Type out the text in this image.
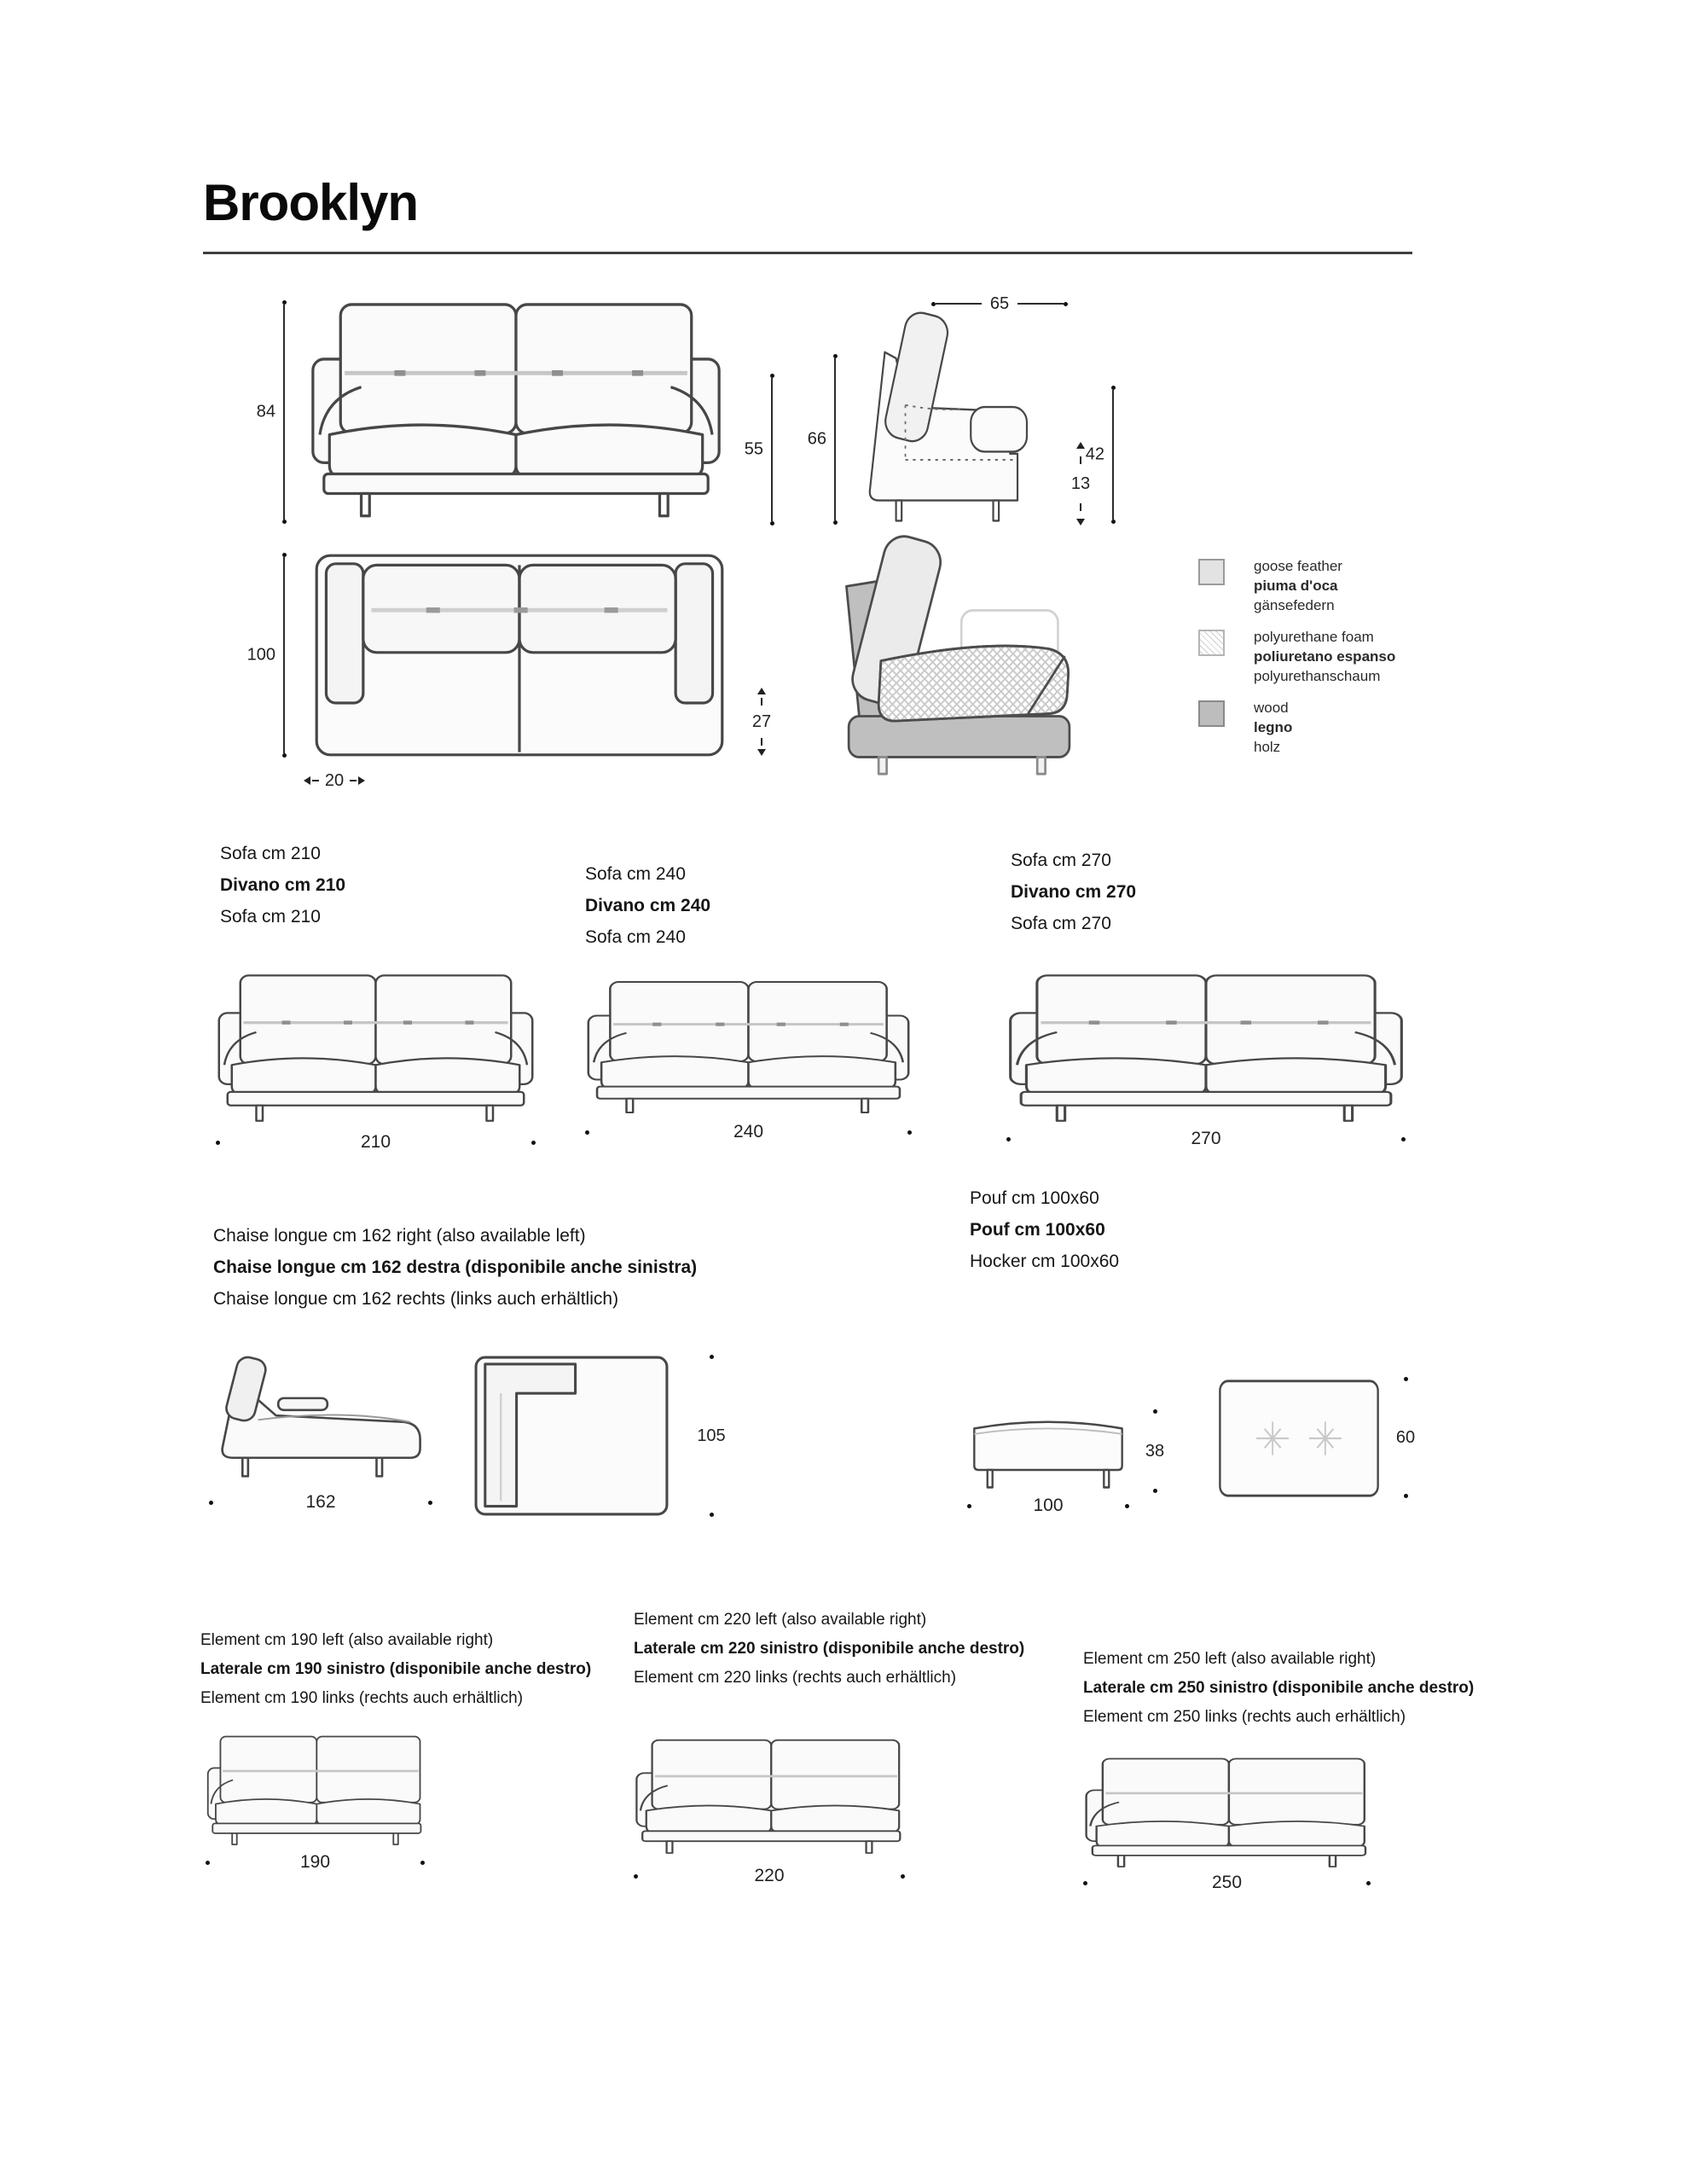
Brooklyn
84
55
65
66
42
13
100
27
20
goose feather
piuma d'oca
gänsefedern
polyurethane foam
poliuretano espanso
polyurethanschaum
wood
legno
holz
Sofa cm 210
Divano cm 210
Sofa cm 210
Sofa cm 240
Divano cm 240
Sofa cm 240
Sofa cm 270
Divano cm 270
Sofa cm 270
210
240	270
Chaise longue cm 162 right (also available left)
Chaise longue cm 162 destra (disponibile anche sinistra)
Chaise longue cm 162 rechts (links auch erhältlich)
162
105
Pouf cm 100x60
Pouf cm 100x60
Hocker cm 100x60
100
38
60
Element cm 190 left (also available right)
Laterale cm 190 sinistro (disponibile anche destro)
Element cm 190 links (rechts auch erhältlich)
Element cm 220 left (also available right)
Laterale cm 220 sinistro (disponibile anche destro)
Element cm 220 links (rechts auch erhältlich)
Element cm 250 left (also available right)
Laterale cm 250 sinistro (disponibile anche destro)
Element cm 250 links (rechts auch erhältlich)
190
220	250
